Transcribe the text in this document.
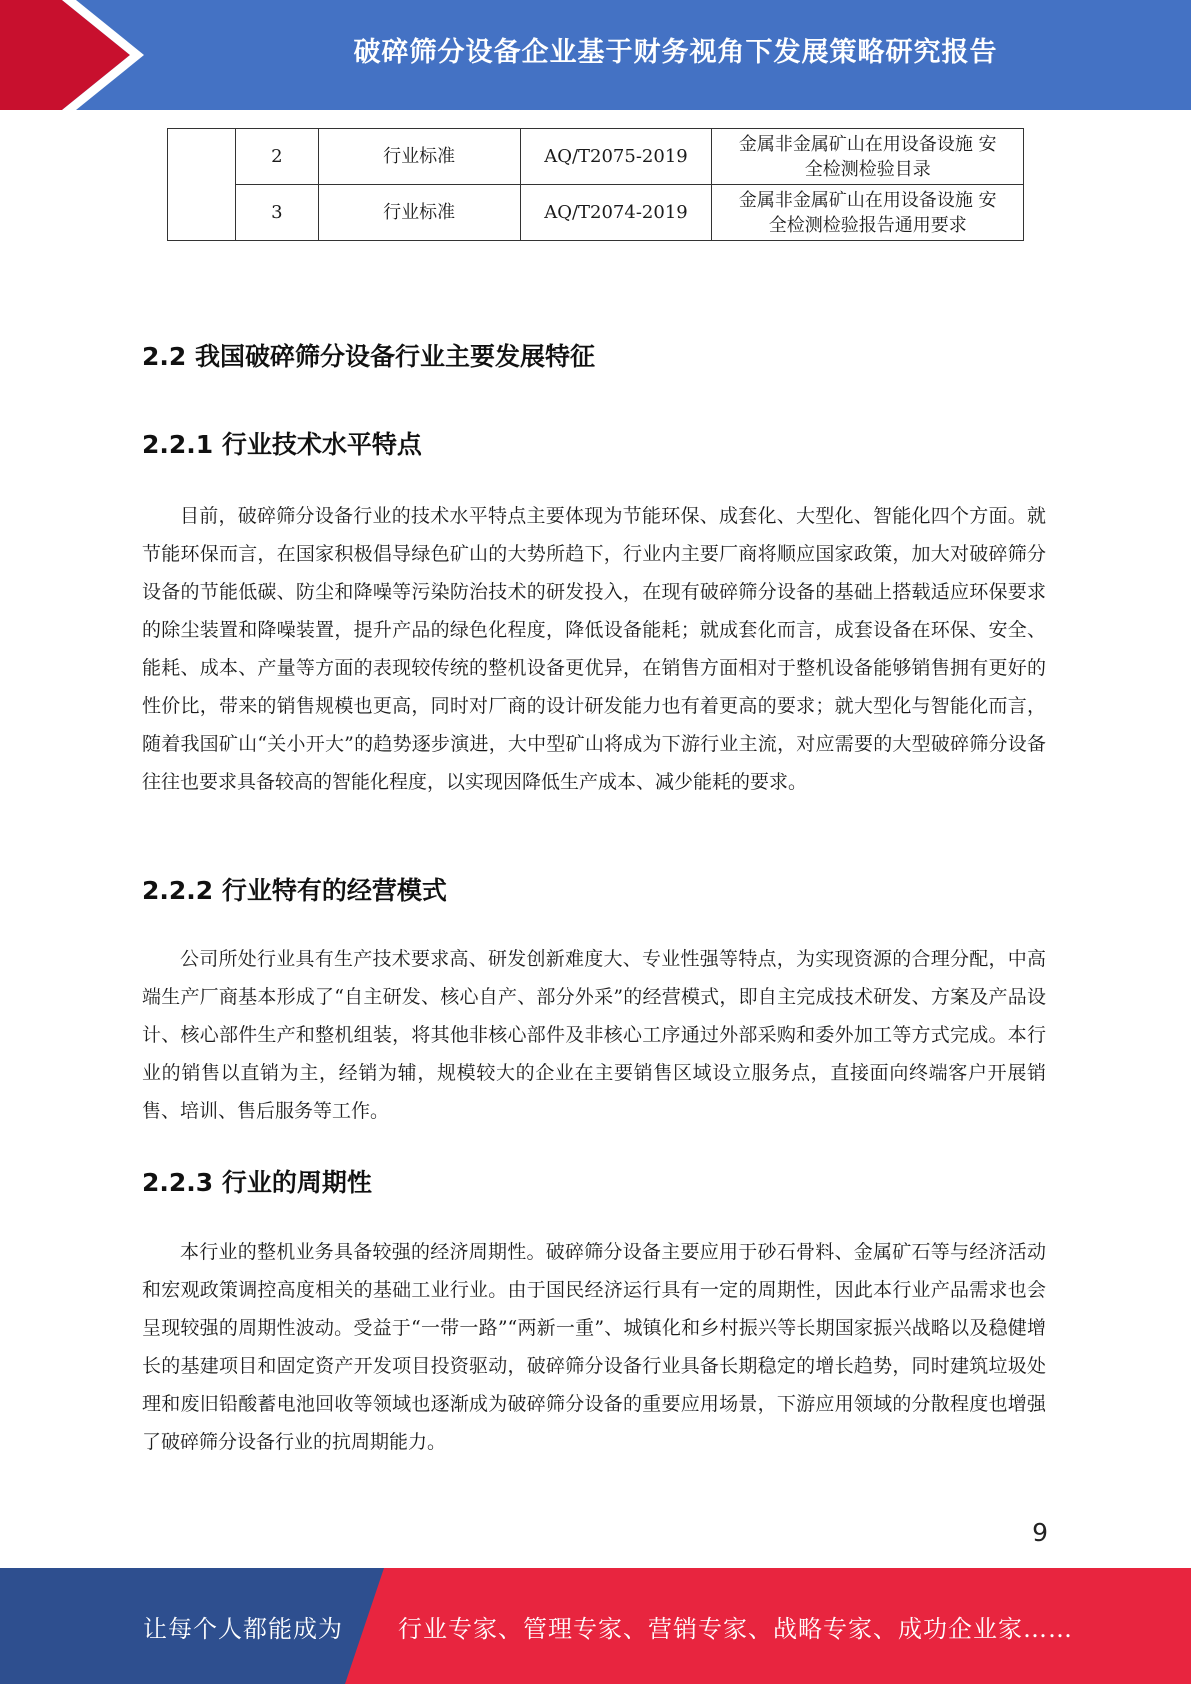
破碎筛分设备企业基于财务视角下发展策略研究报告
	2	行业标准	AQ/T2075-2019	金属非金属矿山在用设备设施 安
全检测检验目录

	3	行业标准	AQ/T2074-2019	金属非金属矿山在用设备设施 安
全检测检验报告通用要求
2.2 我国破碎筛分设备行业主要发展特征
2.2.1 行业技术水平特点

目前，破碎筛分设备行业的技术水平特点主要体现为节能环保、成套化、大型化、智能化四个方面。就节能环保而言，在国家积极倡导绿色矿山的大势所趋下，行业内主要厂商将顺应国家政策，加大对破碎筛分设备的节能低碳、防尘和降噪等污染防治技术的研发投入，在现有破碎筛分设备的基础上搭载适应环保要求的除尘装置和降噪装置，提升产品的绿色化程度，降低设备能耗；就成套化而言，成套设备在环保、安全、能耗、成本、产量等方面的表现较传统的整机设备更优异，在销售方面相对于整机设备能够销售拥有更好的性价比，带来的销售规模也更高，同时对厂商的设计研发能力也有着更高的要求；就大型化与智能化而言，随着我国矿山“关小开大”的趋势逐步演进，大中型矿山将成为下游行业主流，对应需要的大型破碎筛分设备往往也要求具备较高的智能化程度，以实现因降低生产成本、减少能耗的要求。

2.2.2 行业特有的经营模式

公司所处行业具有生产技术要求高、研发创新难度大、专业性强等特点，为实现资源的合理分配，中高端生产厂商基本形成了“自主研发、核心自产、部分外采”的经营模式，即自主完成技术研发、方案及产品设计、核心部件生产和整机组装，将其他非核心部件及非核心工序通过外部采购和委外加工等方式完成。本行业的销售以直销为主，经销为辅，规模较大的企业在主要销售区域设立服务点，直接面向终端客户开展销售、培训、售后服务等工作。

2.2.3 行业的周期性

本行业的整机业务具备较强的经济周期性。破碎筛分设备主要应用于砂石骨料、金属矿石等与经济活动和宏观政策调控高度相关的基础工业行业。由于国民经济运行具有一定的周期性，因此本行业产品需求也会呈现较强的周期性波动。受益于“一带一路”“两新一重”、城镇化和乡村振兴等长期国家振兴战略以及稳健增长的基建项目和固定资产开发项目投资驱动，破碎筛分设备行业具备长期稳定的增长趋势，同时建筑垃圾处理和废旧铅酸蓄电池回收等领域也逐渐成为破碎筛分设备的重要应用场景，下游应用领域的分散程度也增强了破碎筛分设备行业的抗周期能力。

9
让每个人都能成为 行业专家、管理专家、营销专家、战略专家、成功企业家……
